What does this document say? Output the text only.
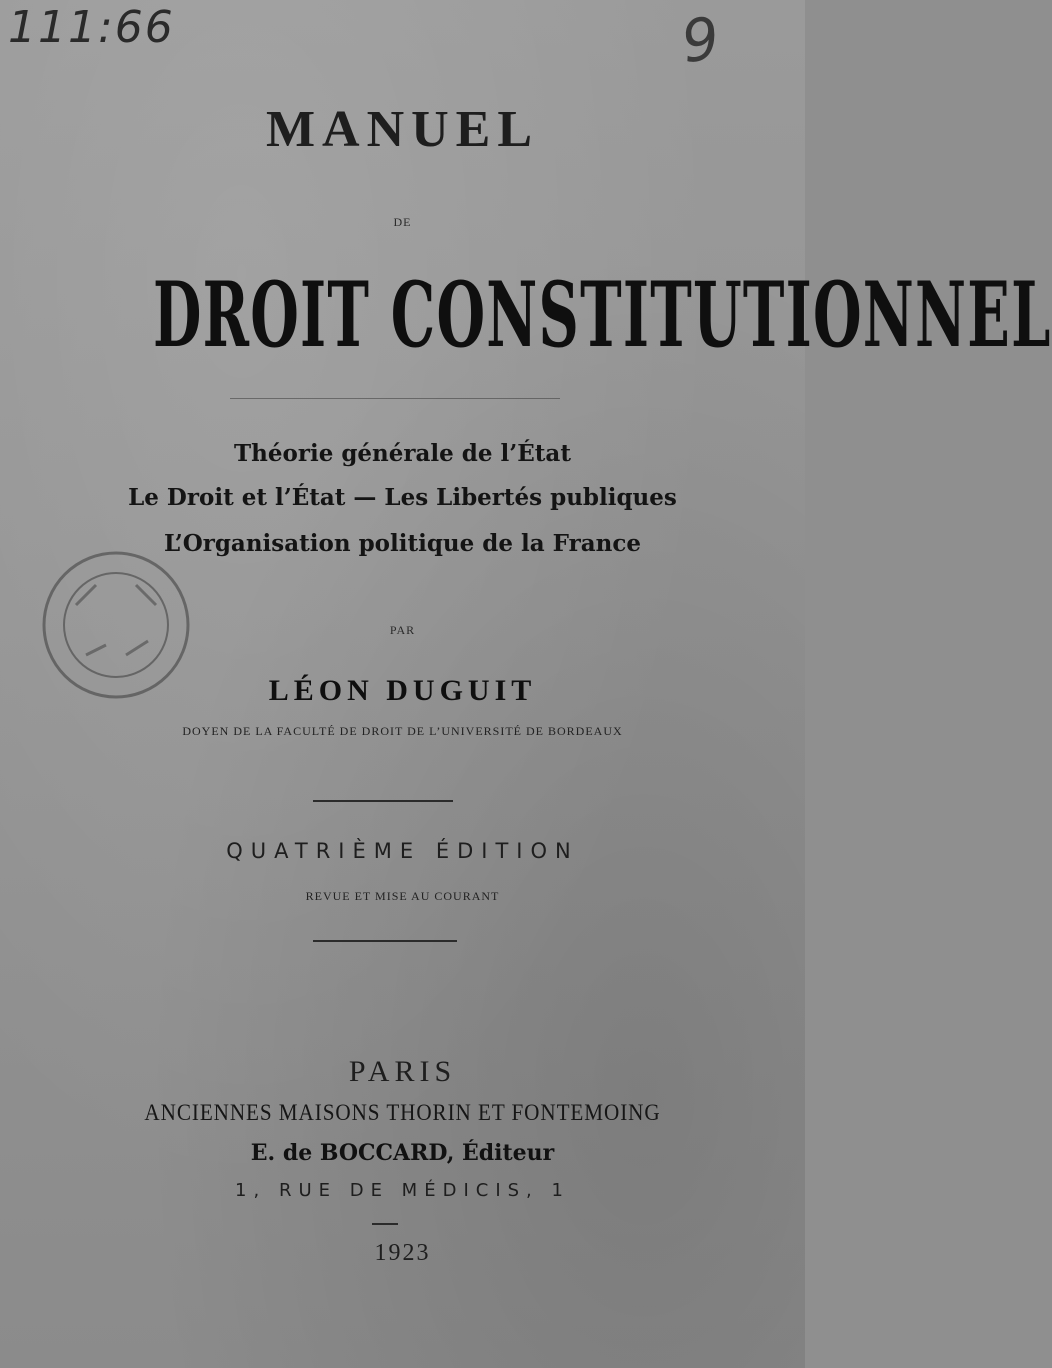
111:66	9
MANUEL
DE
DROIT CONSTITUTIONNEL
Théorie générale de l’État
Le Droit et l’État — Les Libertés publiques
L’Organisation politique de la France
PAR
LÉON DUGUIT
DOYEN DE LA FACULTÉ DE DROIT DE L’UNIVERSITÉ DE BORDEAUX
QUATRIÈME ÉDITION
REVUE ET MISE AU COURANT
PARIS
ANCIENNES MAISONS THORIN ET FONTEMOING
E. de BOCCARD, Éditeur
1, RUE DE MÉDICIS, 1
1923
